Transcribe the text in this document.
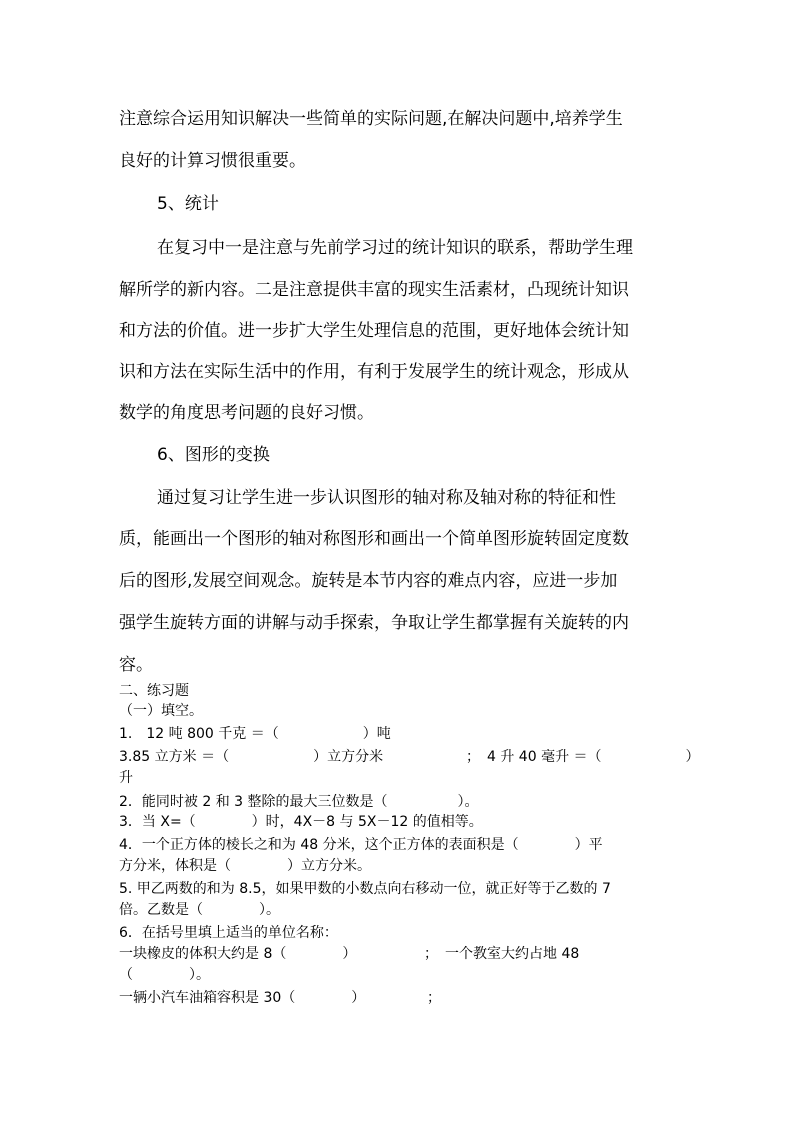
注意综合运用知识解决一些简单的实际问题,在解决问题中,培养学生

良好的计算习惯很重要。

5、统计

在复习中一是注意与先前学习过的统计知识的联系，帮助学生理

解所学的新内容。二是注意提供丰富的现实生活素材，凸现统计知识

和方法的价值。进一步扩大学生处理信息的范围，更好地体会统计知

识和方法在实际生活中的作用，有利于发展学生的统计观念，形成从

数学的角度思考问题的良好习惯。

6、图形的变换

通过复习让学生进一步认识图形的轴对称及轴对称的特征和性

质，能画出一个图形的轴对称图形和画出一个简单图形旋转固定度数

后的图形,发展空间观念。旋转是本节内容的难点内容，应进一步加

强学生旋转方面的讲解与动手探索，争取让学生都掌握有关旋转的内

容。

二、练习题

（一）填空。

1.　12 吨 800 千克 ＝（　　　　　　）吨

3.85 立方米 ＝（　　　　　　）立方分米	；　4 升 40 毫升 ＝（　　　　　　）

升

2．能同时被 2 和 3 整除的最大三位数是（　　　　　）。

3．当 X=（　　　　）时，4X－8 与 5X－12 的值相等。

4．一个正方体的棱长之和为 48 分米，这个正方体的表面积是（　　　　）平

方分米，体积是（　　　　）立方分米。

5. 甲乙两数的和为 8.5，如果甲数的小数点向右移动一位，就正好等于乙数的 7

倍。乙数是（　　　　）。

6．在括号里填上适当的单位名称：

一块橡皮的体积大约是 8（　　　　）	；　一个教室大约占地 48

（　　　　）。

一辆小汽车油箱容积是 30（　　　　）	；
